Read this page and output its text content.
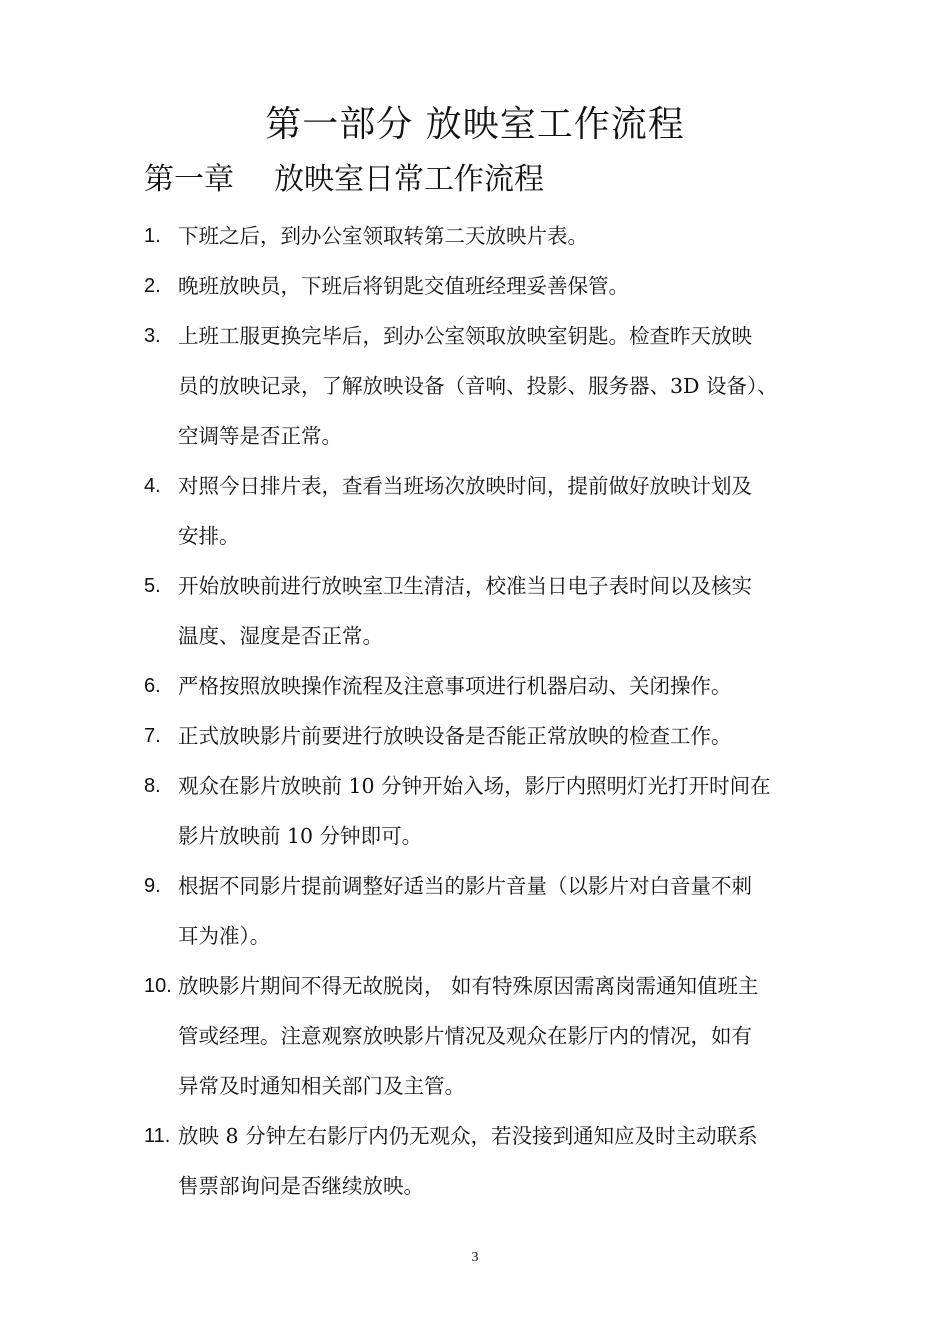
第一部分 放映室工作流程
第一章 放映室日常工作流程
1. 下班之后，到办公室领取转第二天放映片表。
2. 晚班放映员，下班后将钥匙交值班经理妥善保管。
3. 上班工服更换完毕后，到办公室领取放映室钥匙。检查昨天放映
员的放映记录，了解放映设备（音响、投影、服务器、3D 设备）、
空调等是否正常。
4. 对照今日排片表，查看当班场次放映时间，提前做好放映计划及
安排。
5. 开始放映前进行放映室卫生清洁，校准当日电子表时间以及核实
温度、湿度是否正常。
6. 严格按照放映操作流程及注意事项进行机器启动、关闭操作。
7. 正式放映影片前要进行放映设备是否能正常放映的检查工作。
8. 观众在影片放映前 10 分钟开始入场，影厅内照明灯光打开时间在
影片放映前 10 分钟即可。
9. 根据不同影片提前调整好适当的影片音量（以影片对白音量不刺
耳为准）。
10. 放映影片期间不得无故脱岗， 如有特殊原因需离岗需通知值班主
管或经理。注意观察放映影片情况及观众在影厅内的情况，如有
异常及时通知相关部门及主管。
11. 放映 8 分钟左右影厅内仍无观众，若没接到通知应及时主动联系
售票部询问是否继续放映。
3
